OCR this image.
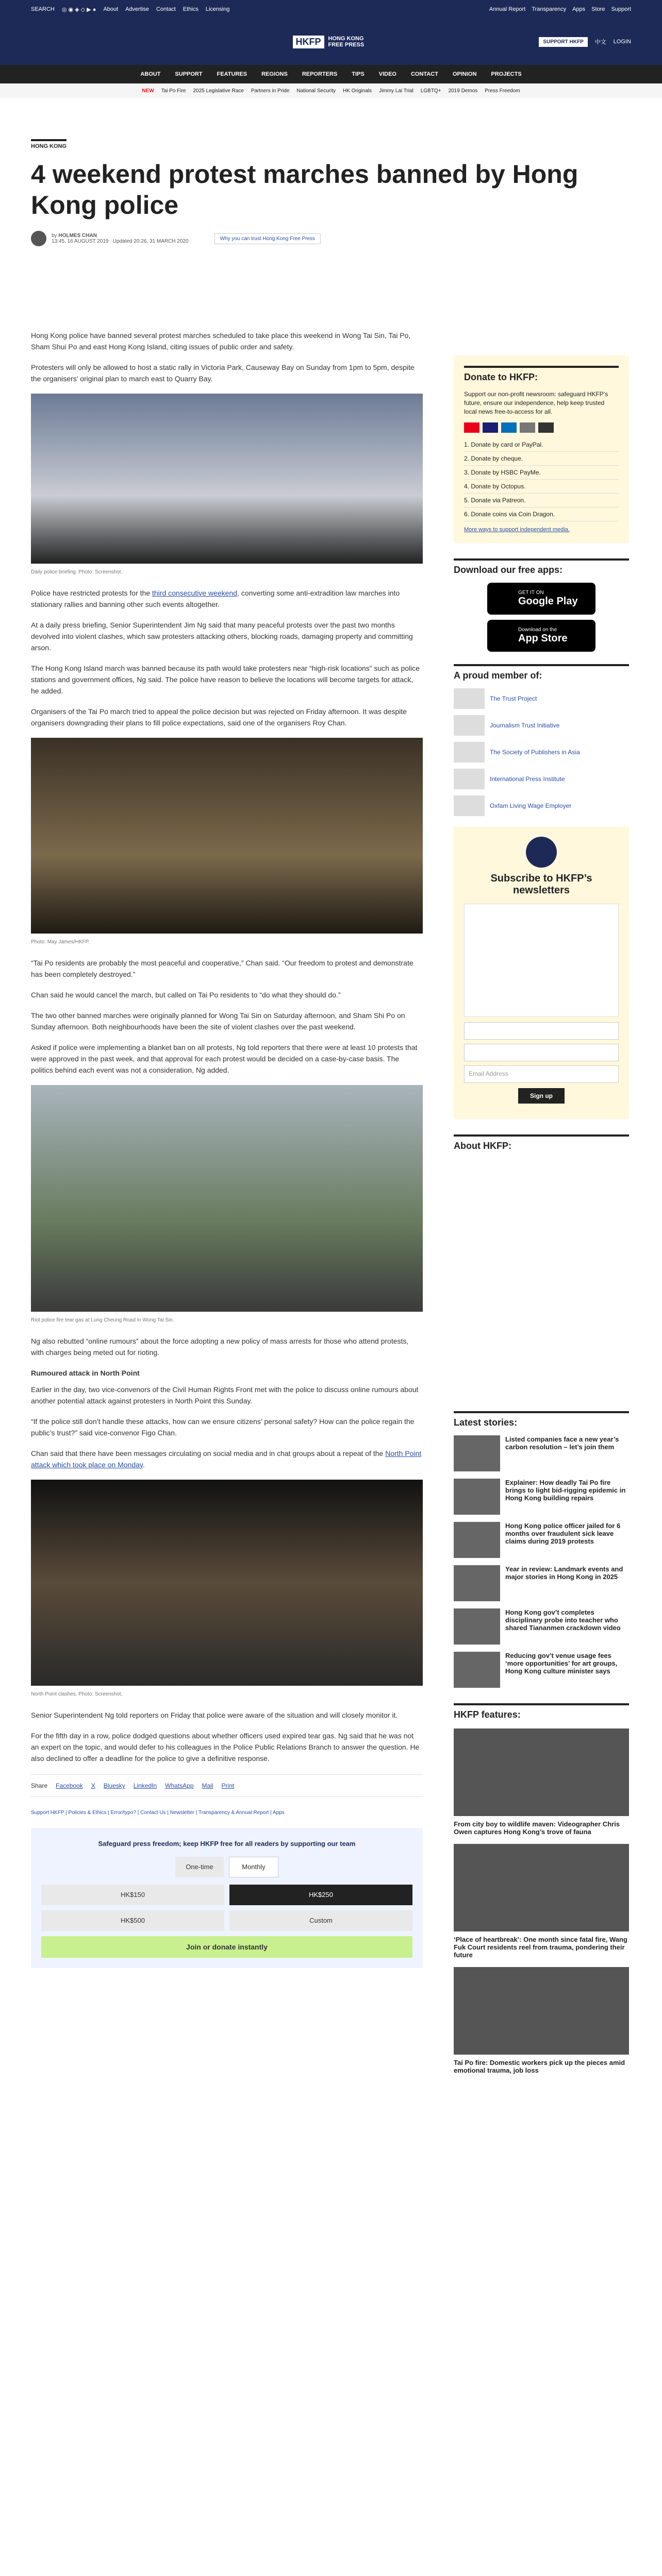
SEARCH ◎ ◉ ◈ ◇ ▶ ● About Advertise Contact Ethics Licensing	Annual Report Transparency Apps Store Support
HKFP	HONG KONG FREE PRESS	SUPPORT HKFP	中文 LOGIN
ABOUT	SUPPORT	FEATURES	REGIONS	REPORTERS	TIPS	VIDEO	CONTACT	OPINION	PROJECTS
NEW Tai Po Fire 2025 Legislative Race Partners in Pride National Security HK Originals Jimmy Lai Trial LGBTQ+ 2019 Demos Press Freedom
HONG KONG
4 weekend protest marches banned by Hong Kong police
by HOLMES CHAN
13:45, 16 AUGUST 2019 Updated 20:26, 31 MARCH 2020	Why you can trust Hong Kong Free Press

Hong Kong police have banned several protest marches scheduled to take place this weekend in Wong Tai Sin, Tai Po, Sham Shui Po and east Hong Kong Island, citing issues of public order and safety.

Protesters will only be allowed to host a static rally in Victoria Park, Causeway Bay on Sunday from 1pm to 5pm, despite the organisers’ original plan to march east to Quarry Bay.

Daily police briefing. Photo: Screenshot.

Police have restricted protests for the third consecutive weekend, converting some anti-extradition law marches into stationary rallies and banning other such events altogether.

At a daily press briefing, Senior Superintendent Jim Ng said that many peaceful protests over the past two months devolved into violent clashes, which saw protesters attacking others, blocking roads, damaging property and committing arson.

The Hong Kong Island march was banned because its path would take protesters near “high-risk locations” such as police stations and government offices, Ng said. The police have reason to believe the locations will become targets for attack, he added.

Organisers of the Tai Po march tried to appeal the police decision but was rejected on Friday afternoon. It was despite organisers downgrading their plans to fill police expectations, said one of the organisers Roy Chan.

Photo: May James/HKFP.

“Tai Po residents are probably the most peaceful and cooperative,” Chan said. “Our freedom to protest and demonstrate has been completely destroyed.”

Chan said he would cancel the march, but called on Tai Po residents to “do what they should do.”

The two other banned marches were originally planned for Wong Tai Sin on Saturday afternoon, and Sham Shi Po on Sunday afternoon. Both neighbourhoods have been the site of violent clashes over the past weekend.

Asked if police were implementing a blanket ban on all protests, Ng told reporters that there were at least 10 protests that were approved in the past week, and that approval for each protest would be decided on a case-by-case basis. The politics behind each event was not a consideration, Ng added.

Riot police fire tear gas at Lung Cheung Road in Wong Tai Sin.

Ng also rebutted “online rumours” about the force adopting a new policy of mass arrests for those who attend protests, with charges being meted out for rioting.

Rumoured attack in North Point

Earlier in the day, two vice-convenors of the Civil Human Rights Front met with the police to discuss online rumours about another potential attack against protesters in North Point this Sunday.

“If the police still don’t handle these attacks, how can we ensure citizens’ personal safety? How can the police regain the public’s trust?” said vice-convenor Figo Chan.

Chan said that there have been messages circulating on social media and in chat groups about a repeat of the North Point attack which took place on Monday.

North Point clashes. Photo: Screenshot.

Senior Superintendent Ng told reporters on Friday that police were aware of the situation and will closely monitor it.

For the fifth day in a row, police dodged questions about whether officers used expired tear gas. Ng said that he was not an expert on the topic, and would defer to his colleagues in the Police Public Relations Branch to answer the question. He also declined to offer a deadline for the police to give a definitive response.

Share Facebook X Bluesky LinkedIn WhatsApp Mail Print
Support HKFP | Policies & Ethics | Error/typo? | Contact Us | Newsletter | Transparency & Annual Report | Apps
Safeguard press freedom; keep HKFP free for all readers by supporting our team
One-time	Monthly
HK$150	HK$250
HK$500	Custom
Join or donate instantly
Donate to HKFP:

Support our non-profit newsroom: safeguard HKFP’s future, ensure our independence, help keep trusted local news free-to-access for all.

1. Donate by card or PayPal.
2. Donate by cheque.
3. Donate by HSBC PayMe.
4. Donate by Octopus.
5. Donate via Patreon.
6. Donate coins via Coin Dragon.
More ways to support independent media.
Download our free apps:
GET IT ON
Google Play
Download on the
App Store
A proud member of:
The Trust Project
Journalism Trust Initiative
The Society of Publishers in Asia
International Press Institute
Oxfam Living Wage Employer
Subscribe to HKFP’s newsletters
Email Address
Sign up
About HKFP:
Latest stories:
Listed companies face a new year’s carbon resolution – let’s join them
Explainer: How deadly Tai Po fire brings to light bid-rigging epidemic in Hong Kong building repairs
Hong Kong police officer jailed for 6 months over fraudulent sick leave claims during 2019 protests
Year in review: Landmark events and major stories in Hong Kong in 2025
Hong Kong gov’t completes disciplinary probe into teacher who shared Tiananmen crackdown video
Reducing gov’t venue usage fees ‘more opportunities’ for art groups, Hong Kong culture minister says
HKFP features:
From city boy to wildlife maven: Videographer Chris Owen captures Hong Kong’s trove of fauna
‘Place of heartbreak’: One month since fatal fire, Wang Fuk Court residents reel from trauma, pondering their future
Tai Po fire: Domestic workers pick up the pieces amid emotional trauma, job loss
